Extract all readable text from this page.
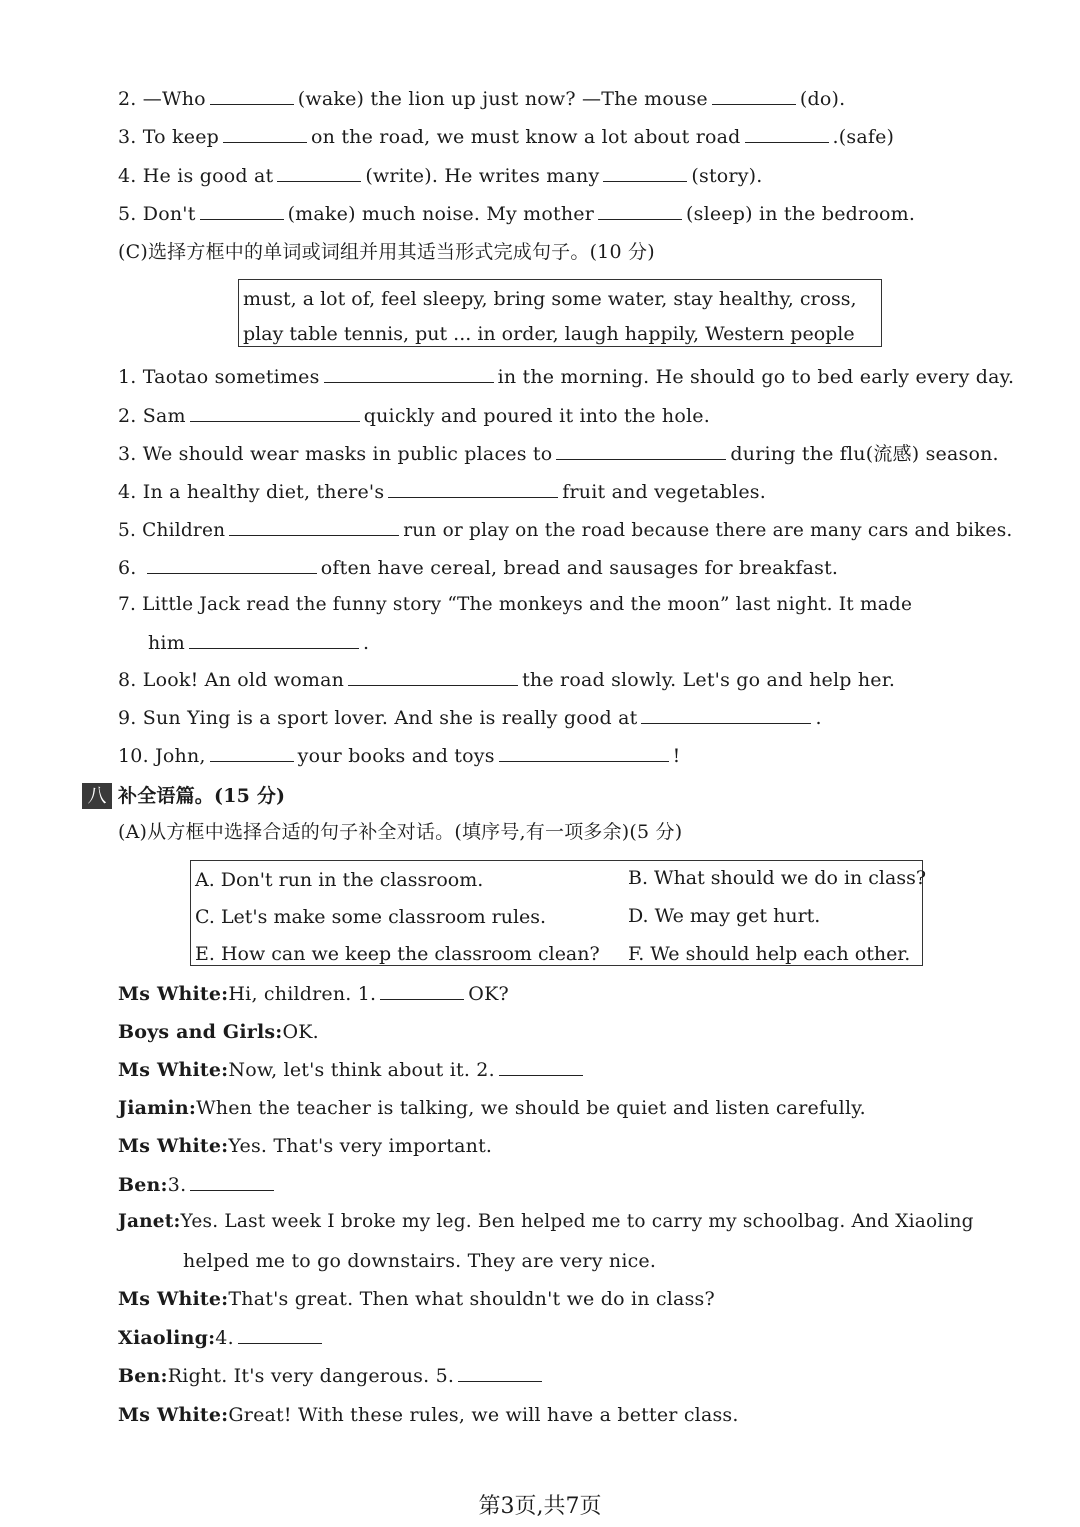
2. —Who	(wake) the lion up just now? —The mouse	(do).
3. To keep	on the road, we must know a lot about road	.(safe)
4. He is good at	(write). He writes many	(story).
5. Don't	(make) much noise. My mother	(sleep) in the bedroom.
(C)选择方框中的单词或词组并用其适当形式完成句子。(10 分)
must, a lot of, feel sleepy, bring some water, stay healthy, cross,
play table tennis, put ... in order, laugh happily, Western people
1. Taotao sometimes	in the morning. He should go to bed early every day.
2. Sam	quickly and poured it into the hole.
3. We should wear masks in public places to	during the flu(流感) season.
4. In a healthy diet, there's	fruit and vegetables.
5. Children	run or play on the road because there are many cars and bikes.
6.	often have cereal, bread and sausages for breakfast.
7. Little Jack read the funny story “The monkeys and the moon” last night. It made
him	.
8. Look! An old woman	the road slowly. Let's go and help her.
9. Sun Ying is a sport lover. And she is really good at	.
10. John,	your books and toys	!
八 补全语篇。(15 分)
(A)从方框中选择合适的句子补全对话。(填序号,有一项多余)(5 分)
A. Don't run in the classroom.	B. What should we do in class?
C. Let's make some classroom rules.	D. We may get hurt.
E. How can we keep the classroom clean? F. We should help each other.
Ms White:Hi, children. 1.	OK?
Boys and Girls:OK.
Ms White:Now, let's think about it. 2.
Jiamin:When the teacher is talking, we should be quiet and listen carefully.
Ms White:Yes. That's very important.
Ben:3.
Janet:Yes. Last week I broke my leg. Ben helped me to carry my schoolbag. And Xiaoling
helped me to go downstairs. They are very nice.
Ms White:That's great. Then what shouldn't we do in class?
Xiaoling:4.
Ben:Right. It's very dangerous. 5.
Ms White:Great! With these rules, we will have a better class.
第3页,共7页
